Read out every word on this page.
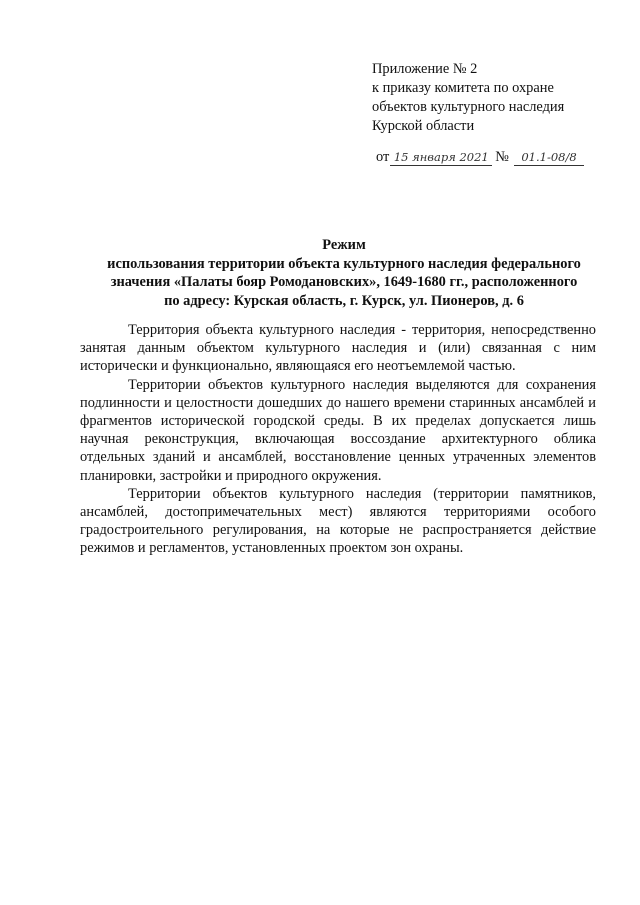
Приложение № 2
к приказу комитета по охране
объектов культурного наследия
Курской области
от 15 января 2021 № 01.1-08/8
Режим
использования территории объекта культурного наследия федерального
значения «Палаты бояр Ромодановских», 1649-1680 гг., расположенного
по адресу: Курская область, г. Курск, ул. Пионеров, д. 6

Территория объекта культурного наследия - территория, непосредственно занятая данным объектом культурного наследия и (или) связанная с ним исторически и функционально, являющаяся его неотъемлемой частью.

Территории объектов культурного наследия выделяются для сохранения подлинности и целостности дошедших до нашего времени старинных ансамблей и фрагментов исторической городской среды. В их пределах допускается лишь научная реконструкция, включающая воссоздание архитектурного облика отдельных зданий и ансамблей, восстановление ценных утраченных элементов планировки, застройки и природного окружения.

Территории объектов культурного наследия (территории памятников, ансамблей, достопримечательных мест) являются территориями особого градостроительного регулирования, на которые не распространяется действие режимов и регламентов, установленных проектом зон охраны.
